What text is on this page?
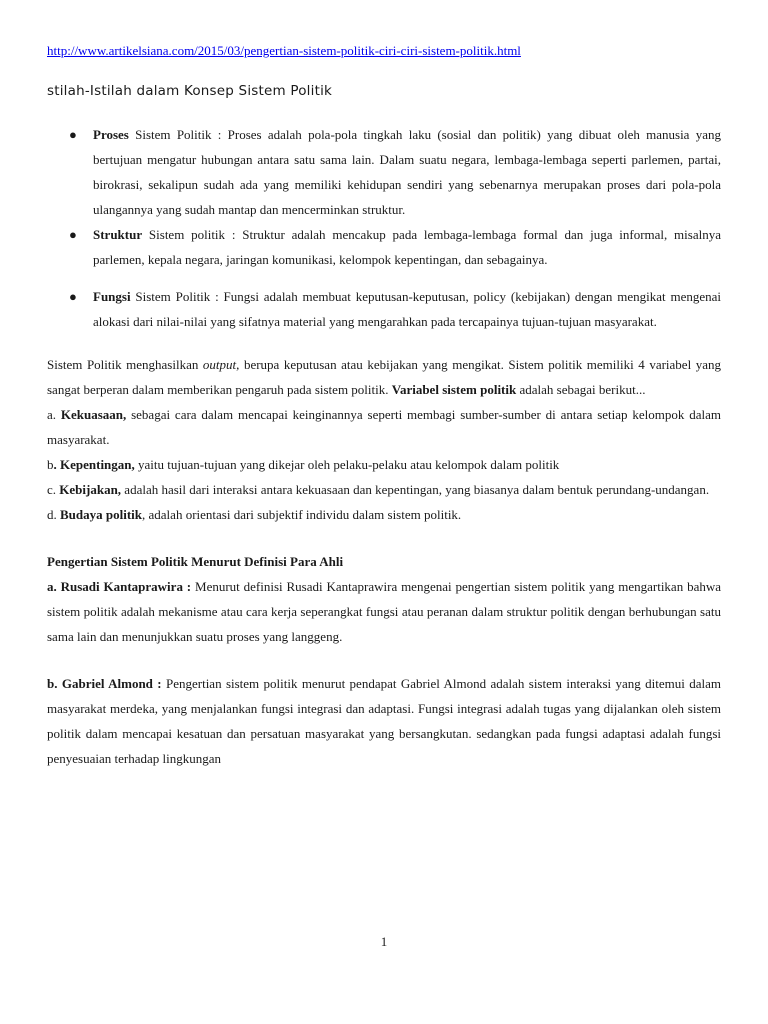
http://www.artikelsiana.com/2015/03/pengertian-sistem-politik-ciri-ciri-sistem-politik.html
stilah-Istilah dalam Konsep Sistem Politik
● Proses Sistem Politik : Proses adalah pola-pola tingkah laku (sosial dan politik) yang dibuat oleh manusia yang bertujuan mengatur hubungan antara satu sama lain. Dalam suatu negara, lembaga-lembaga seperti parlemen, partai, birokrasi, sekalipun sudah ada yang memiliki kehidupan sendiri yang sebenarnya merupakan proses dari pola-pola ulangannya yang sudah mantap dan mencerminkan struktur.
● Struktur Sistem politik : Struktur adalah mencakup pada lembaga-lembaga formal dan juga informal, misalnya parlemen, kepala negara, jaringan komunikasi, kelompok kepentingan, dan sebagainya.
● Fungsi Sistem Politik : Fungsi adalah membuat keputusan-keputusan, policy (kebijakan) dengan mengikat mengenai alokasi dari nilai-nilai yang sifatnya material yang mengarahkan pada tercapainya tujuan-tujuan masyarakat.

Sistem Politik menghasilkan output, berupa keputusan atau kebijakan yang mengikat. Sistem politik memiliki 4 variabel yang sangat berperan dalam memberikan pengaruh pada sistem politik. Variabel sistem politik adalah sebagai berikut...

a. Kekuasaan, sebagai cara dalam mencapai keinginannya seperti membagi sumber-sumber di antara setiap kelompok dalam masyarakat.

b. Kepentingan, yaitu tujuan-tujuan yang dikejar oleh pelaku-pelaku atau kelompok dalam politik

c. Kebijakan, adalah hasil dari interaksi antara kekuasaan dan kepentingan, yang biasanya dalam bentuk perundang-undangan.

d. Budaya politik, adalah orientasi dari subjektif individu dalam sistem politik.

Pengertian Sistem Politik Menurut Definisi Para Ahli

a. Rusadi Kantaprawira : Menurut definisi Rusadi Kantaprawira mengenai pengertian sistem politik yang mengartikan bahwa sistem politik adalah mekanisme atau cara kerja seperangkat fungsi atau peranan dalam struktur politik dengan berhubungan satu sama lain dan menunjukkan suatu proses yang langgeng.

b. Gabriel Almond : Pengertian sistem politik menurut pendapat Gabriel Almond adalah sistem interaksi yang ditemui dalam masyarakat merdeka, yang menjalankan fungsi integrasi dan adaptasi. Fungsi integrasi adalah tugas yang dijalankan oleh sistem politik dalam mencapai kesatuan dan persatuan masyarakat yang bersangkutan. sedangkan pada fungsi adaptasi adalah fungsi penyesuaian terhadap lingkungan

1
